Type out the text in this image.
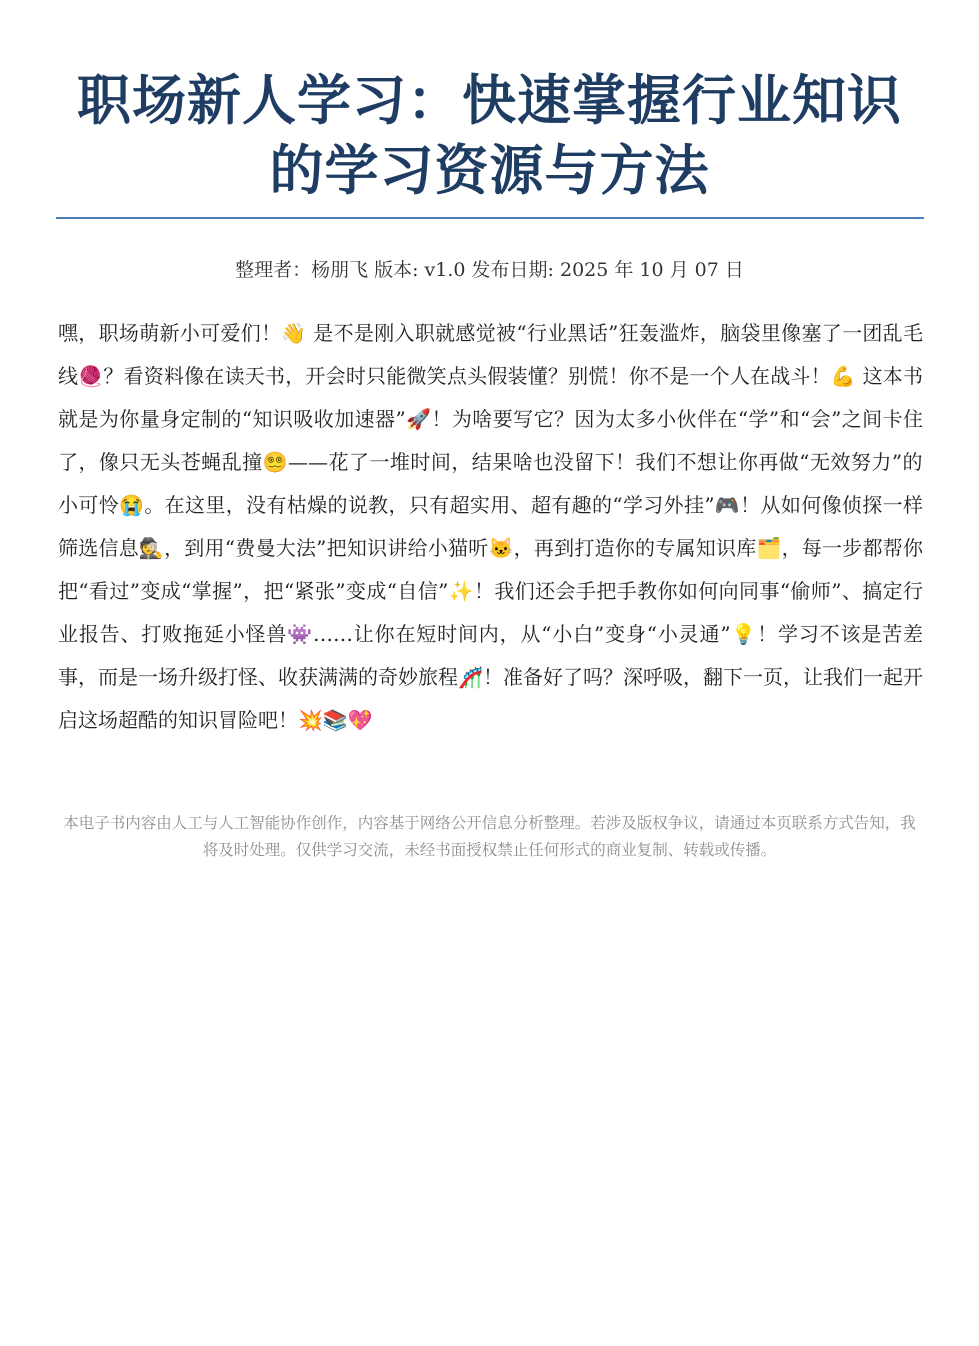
职场新人学习：快速掌握行业知识的学习资源与方法
整理者：杨朋飞 版本: v1.0 发布日期: 2025 年 10 月 07 日

嘿，职场萌新小可爱们！👋 是不是刚入职就感觉被“行业黑话”狂轰滥炸，脑袋里像塞了一团乱毛线🧶？看资料像在读天书，开会时只能微笑点头假装懂？别慌！你不是一个人在战斗！💪 这本书就是为你量身定制的“知识吸收加速器”🚀！为啥要写它？因为太多小伙伴在“学”和“会”之间卡住了，像只无头苍蝇乱撞😵‍💫——花了一堆时间，结果啥也没留下！我们不想让你再做“无效努力”的小可怜😭。在这里，没有枯燥的说教，只有超实用、超有趣的“学习外挂”🎮！从如何像侦探一样筛选信息🕵️，到用“费曼大法”把知识讲给小猫听🐱，再到打造你的专属知识库🗂️，每一步都帮你把“看过”变成“掌握”，把“紧张”变成“自信”✨！我们还会手把手教你如何向同事“偷师”、搞定行业报告、打败拖延小怪兽👾……让你在短时间内，从“小白”变身“小灵通”💡！学习不该是苦差事，而是一场升级打怪、收获满满的奇妙旅程🎢！准备好了吗？深呼吸，翻下一页，让我们一起开启这场超酷的知识冒险吧！💥📚💖

本电子书内容由人工与人工智能协作创作，内容基于网络公开信息分析整理。若涉及版权争议，请通过本页联系方式告知，我将及时处理。仅供学习交流，未经书面授权禁止任何形式的商业复制、转载或传播。
